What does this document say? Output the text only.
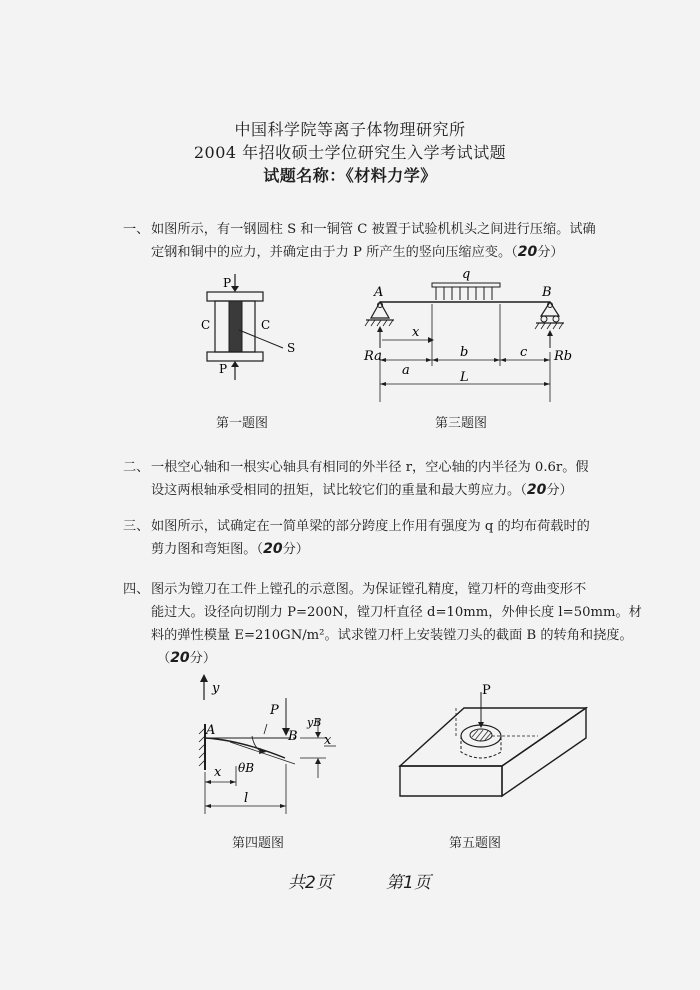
中国科学院等离子体物理研究所
2004 年招收硕士学位研究生入学考试试题
试题名称：《材料力学》
一、 如图所示，有一钢圆柱 S 和一铜管 C 被置于试验机机头之间进行压缩。试确
定钢和铜中的应力，并确定由于力 P 所产生的竖向压缩应变。（20分）
P
P
C	C
S
q
A	B
x
Ra	Rb
a
b	c
L
第一题图	第三题图
二、 一根空心轴和一根实心轴具有相同的外半径 r，空心轴的内半径为 0.6r。假
设这两根轴承受相同的扭矩，试比较它们的重量和最大剪应力。（20分）
三、 如图所示，试确定在一简单梁的部分跨度上作用有强度为 q 的均布荷载时的
剪力图和弯矩图。（20分）
四、 图示为镗刀在工件上镗孔的示意图。为保证镗孔精度，镗刀杆的弯曲变形不
能过大。设径向切削力 P=200N，镗刀杆直径 d=10mm，外伸长度 l=50mm。材
料的弹性模量 E=210GN/m²。试求镗刀杆上安装镗刀头的截面 B 的转角和挠度。
（20分）
y
A
P
B
yB
x
x θB
l
P
第四题图	第五题图
共2页	第1页
